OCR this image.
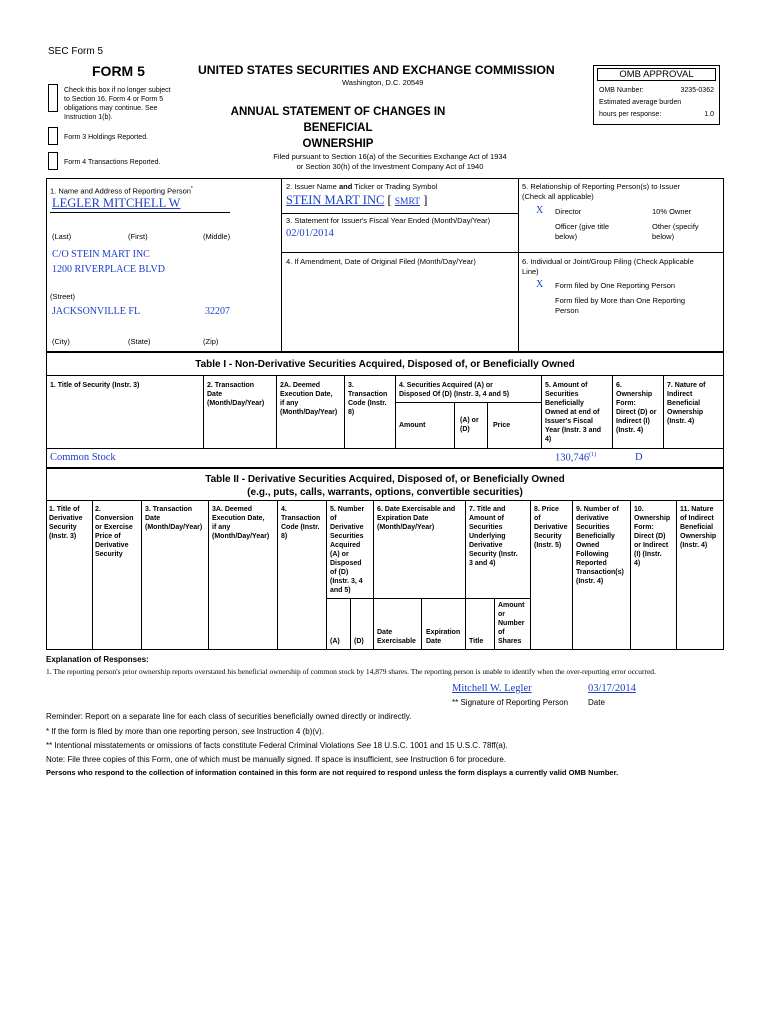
SEC Form 5
FORM 5
Check this box if no longer subject
to Section 16. Form 4 or Form 5
obligations may continue. See
Instruction 1(b).
Form 3 Holdings Reported.
Form 4 Transactions Reported.
UNITED STATES SECURITIES AND EXCHANGE COMMISSION
Washington, D.C. 20549
ANNUAL STATEMENT OF CHANGES IN BENEFICIAL
OWNERSHIP
Filed pursuant to Section 16(a) of the Securities Exchange Act of 1934
or Section 30(h) of the Investment Company Act of 1940
OMB APPROVAL
OMB Number:	3235-0362
Estimated average burden
hours per response:	1.0
1. Name and Address of Reporting Person*
LEGLER MITCHELL W
(Last)	(First)	(Middle)
C/O STEIN MART INC
1200 RIVERPLACE BLVD
(Street)
JACKSONVILLE FL	32207
(City)	(State)	(Zip)
2. Issuer Name and Ticker or Trading Symbol
STEIN MART INC [ SMRT ]
3. Statement for Issuer's Fiscal Year Ended (Month/Day/Year)
02/01/2014
4. If Amendment, Date of Original Filed (Month/Day/Year)
5. Relationship of Reporting Person(s) to Issuer
(Check all applicable)
X Director	10% Owner
Officer (give title
below)
Other (specify
below)
6. Individual or Joint/Group Filing (Check Applicable
Line)
X Form filed by One Reporting Person
Form filed by More than One Reporting
Person
Table I - Non-Derivative Securities Acquired, Disposed of, or Beneficially Owned
1. Title of Security (Instr. 3)	2. Transaction
Date
(Month/Day/Year)
2A. Deemed
Execution Date,
if any
(Month/Day/Year)
3.
Transaction
Code (Instr.
8)
4. Securities Acquired (A) or
Disposed Of (D) (Instr. 3, 4 and 5)
Amount
(A) or
(D)
Price
5. Amount of
Securities
Beneficially
Owned at end of
Issuer's Fiscal
Year (Instr. 3 and
4)
6.
Ownership
Form:
Direct (D) or
Indirect (I)
(Instr. 4)
7. Nature of
Indirect
Beneficial
Ownership
(Instr. 4)
Common Stock	130,746$^{(1)}$	D
Table II - Derivative Securities Acquired, Disposed of, or Beneficially Owned
(e.g., puts, calls, warrants, options, convertible securities)
1. Title of
Derivative
Security
(Instr. 3)
2.
Conversion
or Exercise
Price of
Derivative
Security
3. Transaction
Date
(Month/Day/Year)
3A. Deemed
Execution Date,
if any
(Month/Day/Year)
4.
Transaction
Code (Instr.
8)
5. Number
of
Derivative
Securities
Acquired
(A) or
Disposed
of (D)
(Instr. 3, 4
and 5)
6. Date Exercisable and
Expiration Date
(Month/Day/Year)
7. Title and
Amount of
Securities
Underlying
Derivative
Security (Instr.
3 and 4)
8. Price
of
Derivative
Security
(Instr. 5)
9. Number of
derivative
Securities
Beneficially
Owned
Following
Reported
Transaction(s)
(Instr. 4)
10.
Ownership
Form:
Direct (D)
or Indirect
(I) (Instr.
4)
11. Nature
of Indirect
Beneficial
Ownership
(Instr. 4)
(A) (D)
Date
Exercisable
Expiration
Date	Title
Amount
or
Number
of
Shares
Explanation of Responses:
1. The reporting person's prior ownership reports overstated his beneficial ownership of common stock by 14,879 shares. The reporting person is unable to identify when the over-reporting error occurred.
Mitchell W. Legler	03/17/2014
** Signature of Reporting Person Date
Reminder: Report on a separate line for each class of securities beneficially owned directly or indirectly.
* If the form is filed by more than one reporting person, see Instruction 4 (b)(v).
** Intentional misstatements or omissions of facts constitute Federal Criminal Violations See 18 U.S.C. 1001 and 15 U.S.C. 78ff(a).
Note: File three copies of this Form, one of which must be manually signed. If space is insufficient, see Instruction 6 for procedure.
Persons who respond to the collection of information contained in this form are not required to respond unless the form displays a currently valid OMB Number.
